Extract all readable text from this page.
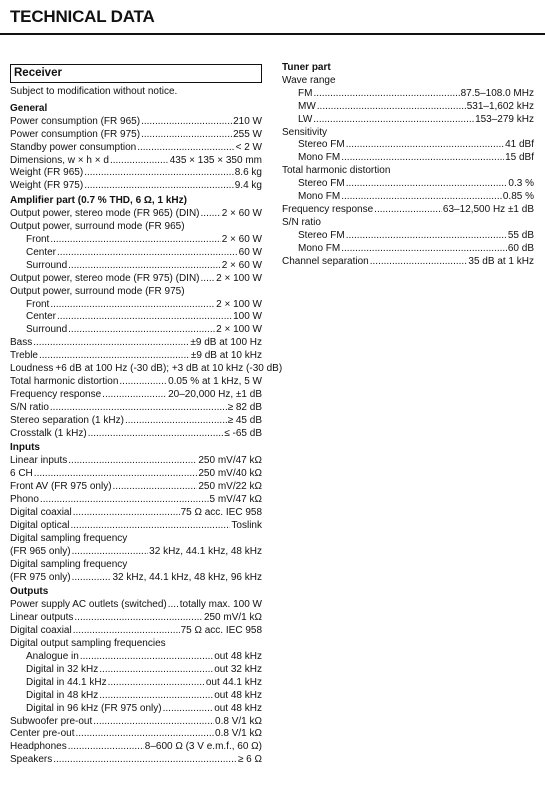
TECHNICAL DATA
Receiver
Subject to modification without notice.
General
Power consumption (FR 965) .....	210 W
Power consumption (FR 975) .....	255 W
Standby power consumption .....	< 2 W
Dimensions, w × h × d .....	435 × 135 × 350 mm
Weight (FR 965) .....	8.6 kg
Weight (FR 975) .....	9.4 kg
Amplifier part (0.7 % THD, 6 Ω, 1 kHz)
Output power, stereo mode (FR 965) (DIN) ..... 2 × 60 W
Output power, surround mode (FR 965)
Front .....	2 × 60 W
Center .....	60 W
Surround .....	2 × 60 W
Output power, stereo mode (FR 975) (DIN) ..... 2 × 100 W
Output power, surround mode (FR 975)
Front .....	2 × 100 W
Center .....	100 W
Surround .....	2 × 100 W
Bass .....	±9 dB at 100 Hz
Treble .....	±9 dB at 10 kHz
Loudness +6 dB at 100 Hz (-30 dB); +3 dB at 10 kHz (-30 dB)
Total harmonic distortion .....	0.05 % at 1 kHz, 5 W
Frequency response .....	20–20,000 Hz, ±1 dB
S/N ratio .....	≥ 82 dB
Stereo separation (1 kHz) .....	≥ 45 dB
Crosstalk (1 kHz) .....	≤ -65 dB
Inputs
Linear inputs .....	250 mV/47 kΩ
6 CH .....	250 mV/40 kΩ
Front AV (FR 975 only) .....	250 mV/22 kΩ
Phono .....	5 mV/47 kΩ
Digital coaxial .....	75 Ω acc. IEC 958
Digital optical .....	Toslink
Digital sampling frequency
(FR 965 only) .....	32 kHz, 44.1 kHz, 48 kHz
Digital sampling frequency
(FR 975 only) .....	32 kHz, 44.1 kHz, 48 kHz, 96 kHz
Outputs
Power supply AC outlets (switched) ..... totally max. 100 W
Linear outputs .....	250 mV/1 kΩ
Digital coaxial .....	75 Ω acc. IEC 958
Digital output sampling frequencies
Analogue in .....	out 48 kHz
Digital in 32 kHz .....	out 32 kHz
Digital in 44.1 kHz .....	out 44.1 kHz
Digital in 48 kHz .....	out 48 kHz
Digital in 96 kHz (FR 975 only) .....	out 48 kHz
Subwoofer pre-out .....	0.8 V/1 kΩ
Center pre-out .....	0.8 V/1 kΩ
Headphones .....	8–600 Ω (3 V e.m.f., 60 Ω)
Speakers .....	≥ 6 Ω
Tuner part
Wave range
FM .....	87.5–108.0 MHz
MW .....	531–1,602 kHz
LW .....	153–279 kHz
Sensitivity
Stereo FM .....	41 dBf
Mono FM .....	15 dBf
Total harmonic distortion
Stereo FM .....	0.3 %
Mono FM .....	0.85 %
Frequency response .....	63–12,500 Hz ±1 dB
S/N ratio
Stereo FM .....	55 dB
Mono FM .....	60 dB
Channel separation .....	35 dB at 1 kHz
